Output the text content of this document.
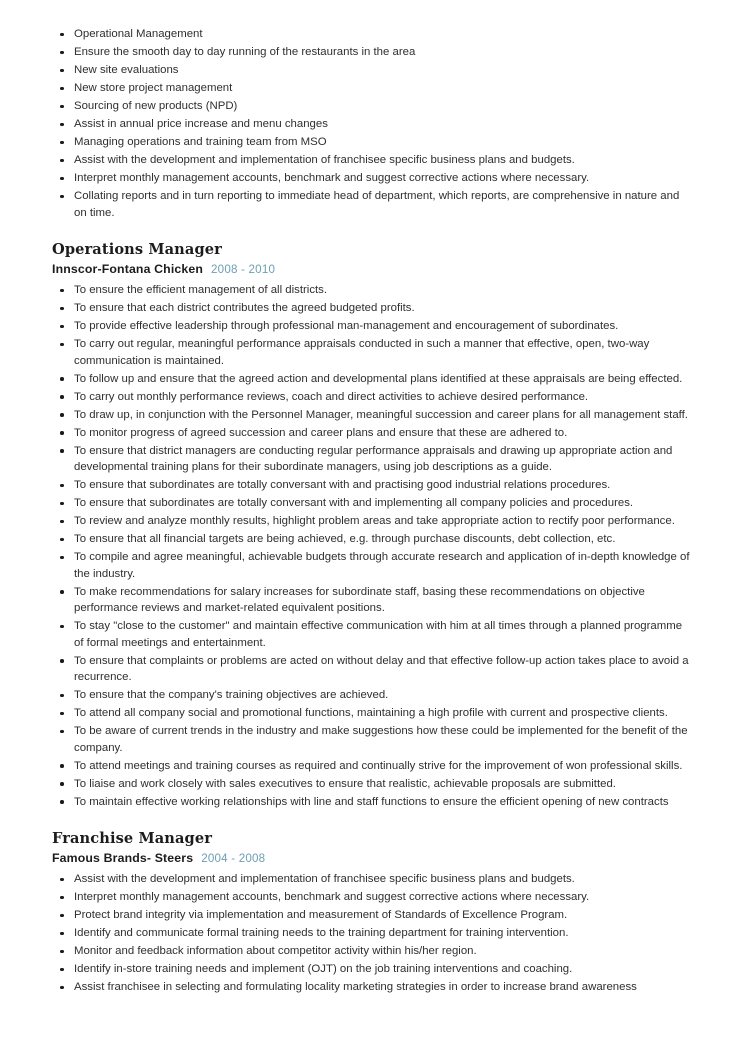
Operational Management
Ensure the smooth day to day running of the restaurants in the area
New site evaluations
New store project management
Sourcing of new products (NPD)
Assist in annual price increase and menu changes
Managing operations and training team from MSO
Assist with the development and implementation of franchisee specific business plans and budgets.
Interpret monthly management accounts, benchmark and suggest corrective actions where necessary.
Collating reports and in turn reporting to immediate head of department, which reports, are comprehensive in nature and on time.
Operations Manager
Innscor-Fontana Chicken 2008 - 2010
To ensure the efficient management of all districts.
To ensure that each district contributes the agreed budgeted profits.
To provide effective leadership through professional man-management and encouragement of subordinates.
To carry out regular, meaningful performance appraisals conducted in such a manner that effective, open, two-way communication is maintained.
To follow up and ensure that the agreed action and developmental plans identified at these appraisals are being effected.
To carry out monthly performance reviews, coach and direct activities to achieve desired performance.
To draw up, in conjunction with the Personnel Manager, meaningful succession and career plans for all management staff.
To monitor progress of agreed succession and career plans and ensure that these are adhered to.
To ensure that district managers are conducting regular performance appraisals and drawing up appropriate action and developmental training plans for their subordinate managers, using job descriptions as a guide.
To ensure that subordinates are totally conversant with and practising good industrial relations procedures.
To ensure that subordinates are totally conversant with and implementing all company policies and procedures.
To review and analyze monthly results, highlight problem areas and take appropriate action to rectify poor performance.
To ensure that all financial targets are being achieved, e.g. through purchase discounts, debt collection, etc.
To compile and agree meaningful, achievable budgets through accurate research and application of in-depth knowledge of the industry.
To make recommendations for salary increases for subordinate staff, basing these recommendations on objective performance reviews and market-related equivalent positions.
To stay "close to the customer" and maintain effective communication with him at all times through a planned programme of formal meetings and entertainment.
To ensure that complaints or problems are acted on without delay and that effective follow-up action takes place to avoid a recurrence.
To ensure that the company's training objectives are achieved.
To attend all company social and promotional functions, maintaining a high profile with current and prospective clients.
To be aware of current trends in the industry and make suggestions how these could be implemented for the benefit of the company.
To attend meetings and training courses as required and continually strive for the improvement of won professional skills.
To liaise and work closely with sales executives to ensure that realistic, achievable proposals are submitted.
To maintain effective working relationships with line and staff functions to ensure the efficient opening of new contracts
Franchise Manager
Famous Brands- Steers 2004 - 2008
Assist with the development and implementation of franchisee specific business plans and budgets.
Interpret monthly management accounts, benchmark and suggest corrective actions where necessary.
Protect brand integrity via implementation and measurement of Standards of Excellence Program.
Identify and communicate formal training needs to the training department for training intervention.
Monitor and feedback information about competitor activity within his/her region.
Identify in-store training needs and implement (OJT) on the job training interventions and coaching.
Assist franchisee in selecting and formulating locality marketing strategies in order to increase brand awareness
